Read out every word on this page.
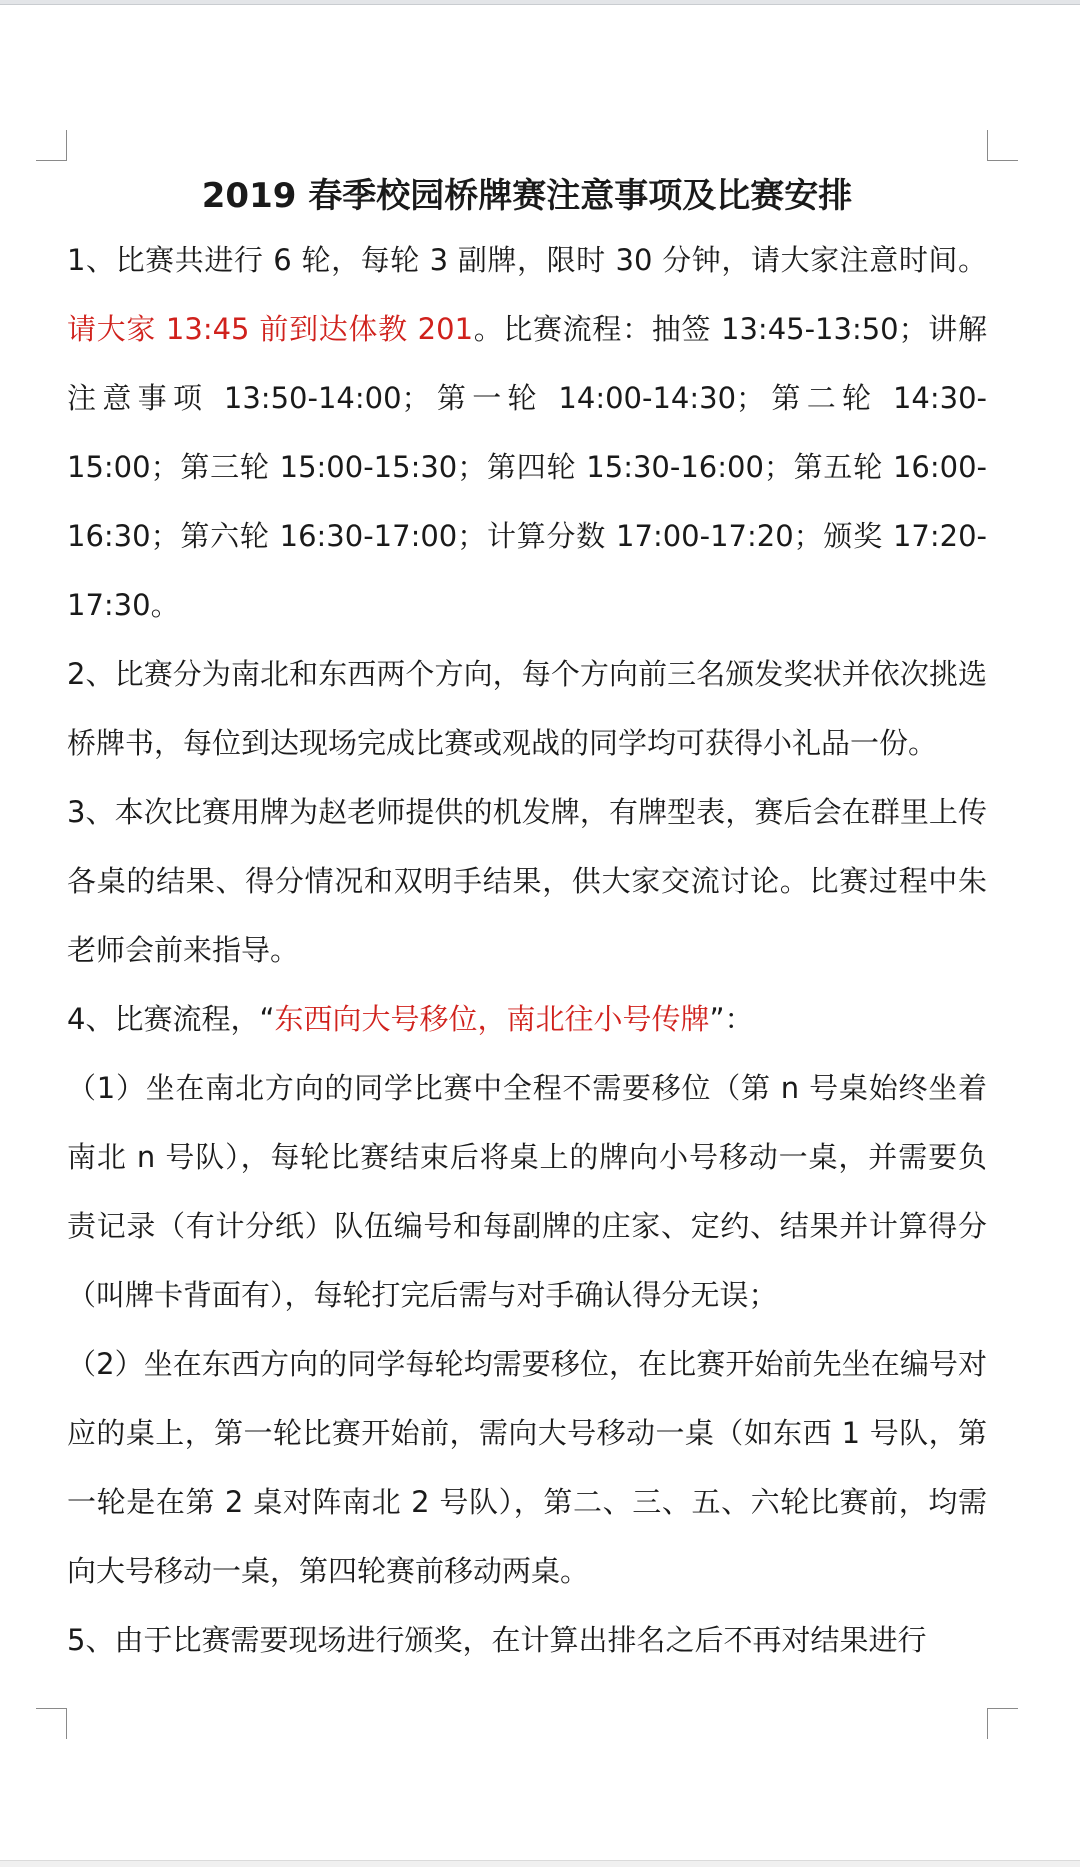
2019 春季校园桥牌赛注意事项及比赛安排

1、比赛共进行 6 轮，每轮 3 副牌，限时 30 分钟，请大家注意时间。请大家 13:45 前到达体教 201。比赛流程：抽签 13:45-13:50；讲解注意事项 13:50-14:00；第一轮 14:00-14:30；第二轮 14:30-15:00；第三轮 15:00-15:30；第四轮 15:30-16:00；第五轮 16:00-16:30；第六轮 16:30-17:00；计算分数 17:00-17:20；颁奖 17:20-17:30。

2、比赛分为南北和东西两个方向，每个方向前三名颁发奖状并依次挑选桥牌书，每位到达现场完成比赛或观战的同学均可获得小礼品一份。

3、本次比赛用牌为赵老师提供的机发牌，有牌型表，赛后会在群里上传各桌的结果、得分情况和双明手结果，供大家交流讨论。比赛过程中朱老师会前来指导。

4、比赛流程，“东西向大号移位，南北往小号传牌”：

（1）坐在南北方向的同学比赛中全程不需要移位（第 n 号桌始终坐着南北 n 号队），每轮比赛结束后将桌上的牌向小号移动一桌，并需要负责记录（有计分纸）队伍编号和每副牌的庄家、定约、结果并计算得分（叫牌卡背面有），每轮打完后需与对手确认得分无误；

（2）坐在东西方向的同学每轮均需要移位，在比赛开始前先坐在编号对应的桌上，第一轮比赛开始前，需向大号移动一桌（如东西 1 号队，第一轮是在第 2 桌对阵南北 2 号队），第二、三、五、六轮比赛前，均需向大号移动一桌，第四轮赛前移动两桌。

5、由于比赛需要现场进行颁奖，在计算出排名之后不再对结果进行
